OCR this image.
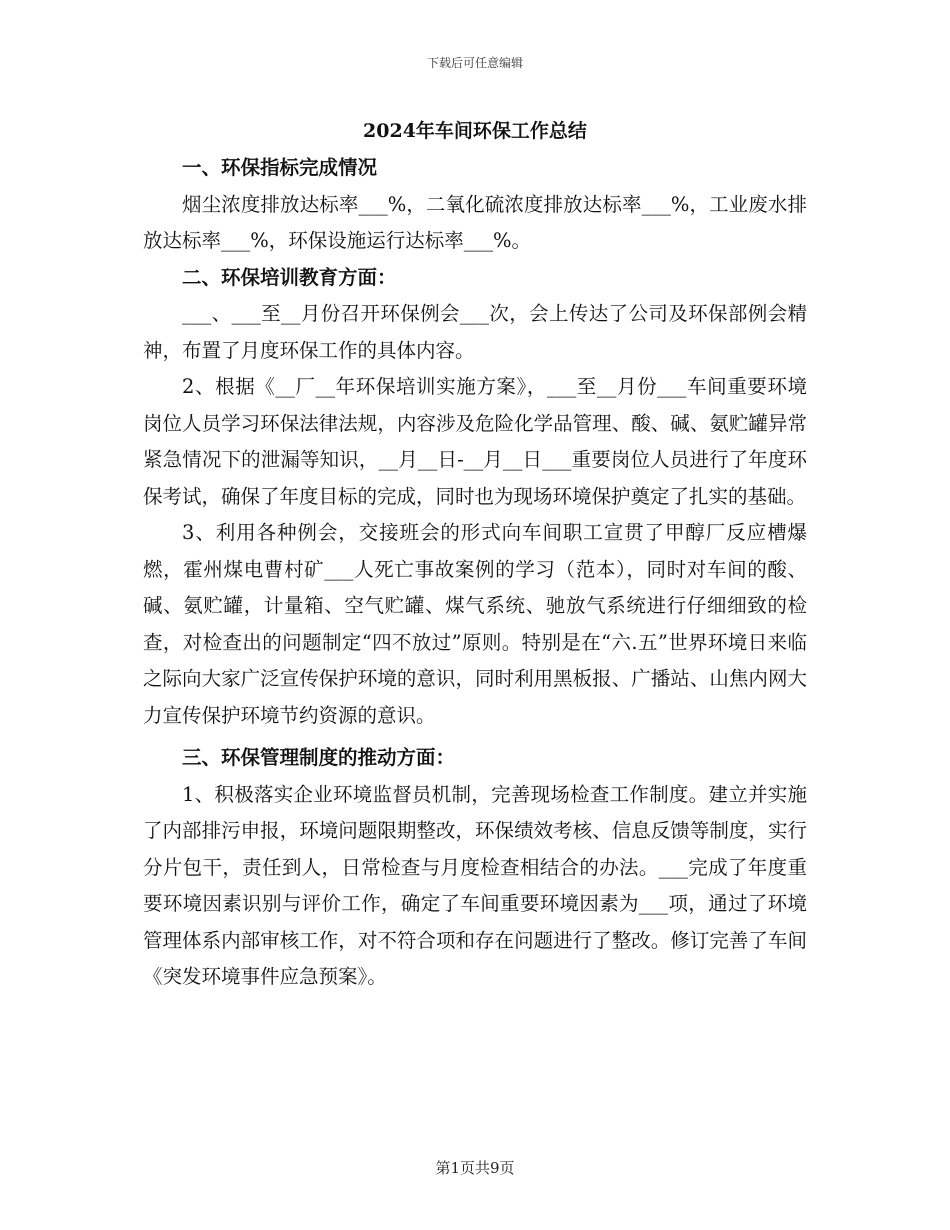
下载后可任意编辑
2024年车间环保工作总结

一、环保指标完成情况

烟尘浓度排放达标率___%，二氧化硫浓度排放达标率___%，工业废水排放达标率___%，环保设施运行达标率___%。

二、环保培训教育方面：

___、___至__月份召开环保例会___次，会上传达了公司及环保部例会精神，布置了月度环保工作的具体内容。

2、根据《__厂__年环保培训实施方案》，___至__月份___车间重要环境岗位人员学习环保法律法规，内容涉及危险化学品管理、酸、碱、氨贮罐异常紧急情况下的泄漏等知识，__月__日-__月__日___重要岗位人员进行了年度环保考试，确保了年度目标的完成，同时也为现场环境保护奠定了扎实的基础。

3、利用各种例会，交接班会的形式向车间职工宣贯了甲醇厂反应槽爆燃，霍州煤电曹村矿___人死亡事故案例的学习（范本），同时对车间的酸、碱、氨贮罐，计量箱、空气贮罐、煤气系统、驰放气系统进行仔细细致的检查，对检查出的问题制定“四不放过”原则。特别是在“六.五”世界环境日来临之际向大家广泛宣传保护环境的意识，同时利用黑板报、广播站、山焦内网大力宣传保护环境节约资源的意识。

三、环保管理制度的推动方面：

1、积极落实企业环境监督员机制，完善现场检查工作制度。建立并实施了内部排污申报，环境问题限期整改，环保绩效考核、信息反馈等制度，实行分片包干，责任到人，日常检查与月度检查相结合的办法。___完成了年度重要环境因素识别与评价工作，确定了车间重要环境因素为___项，通过了环境管理体系内部审核工作，对不符合项和存在问题进行了整改。修订完善了车间《突发环境事件应急预案》。

第1页共9页
